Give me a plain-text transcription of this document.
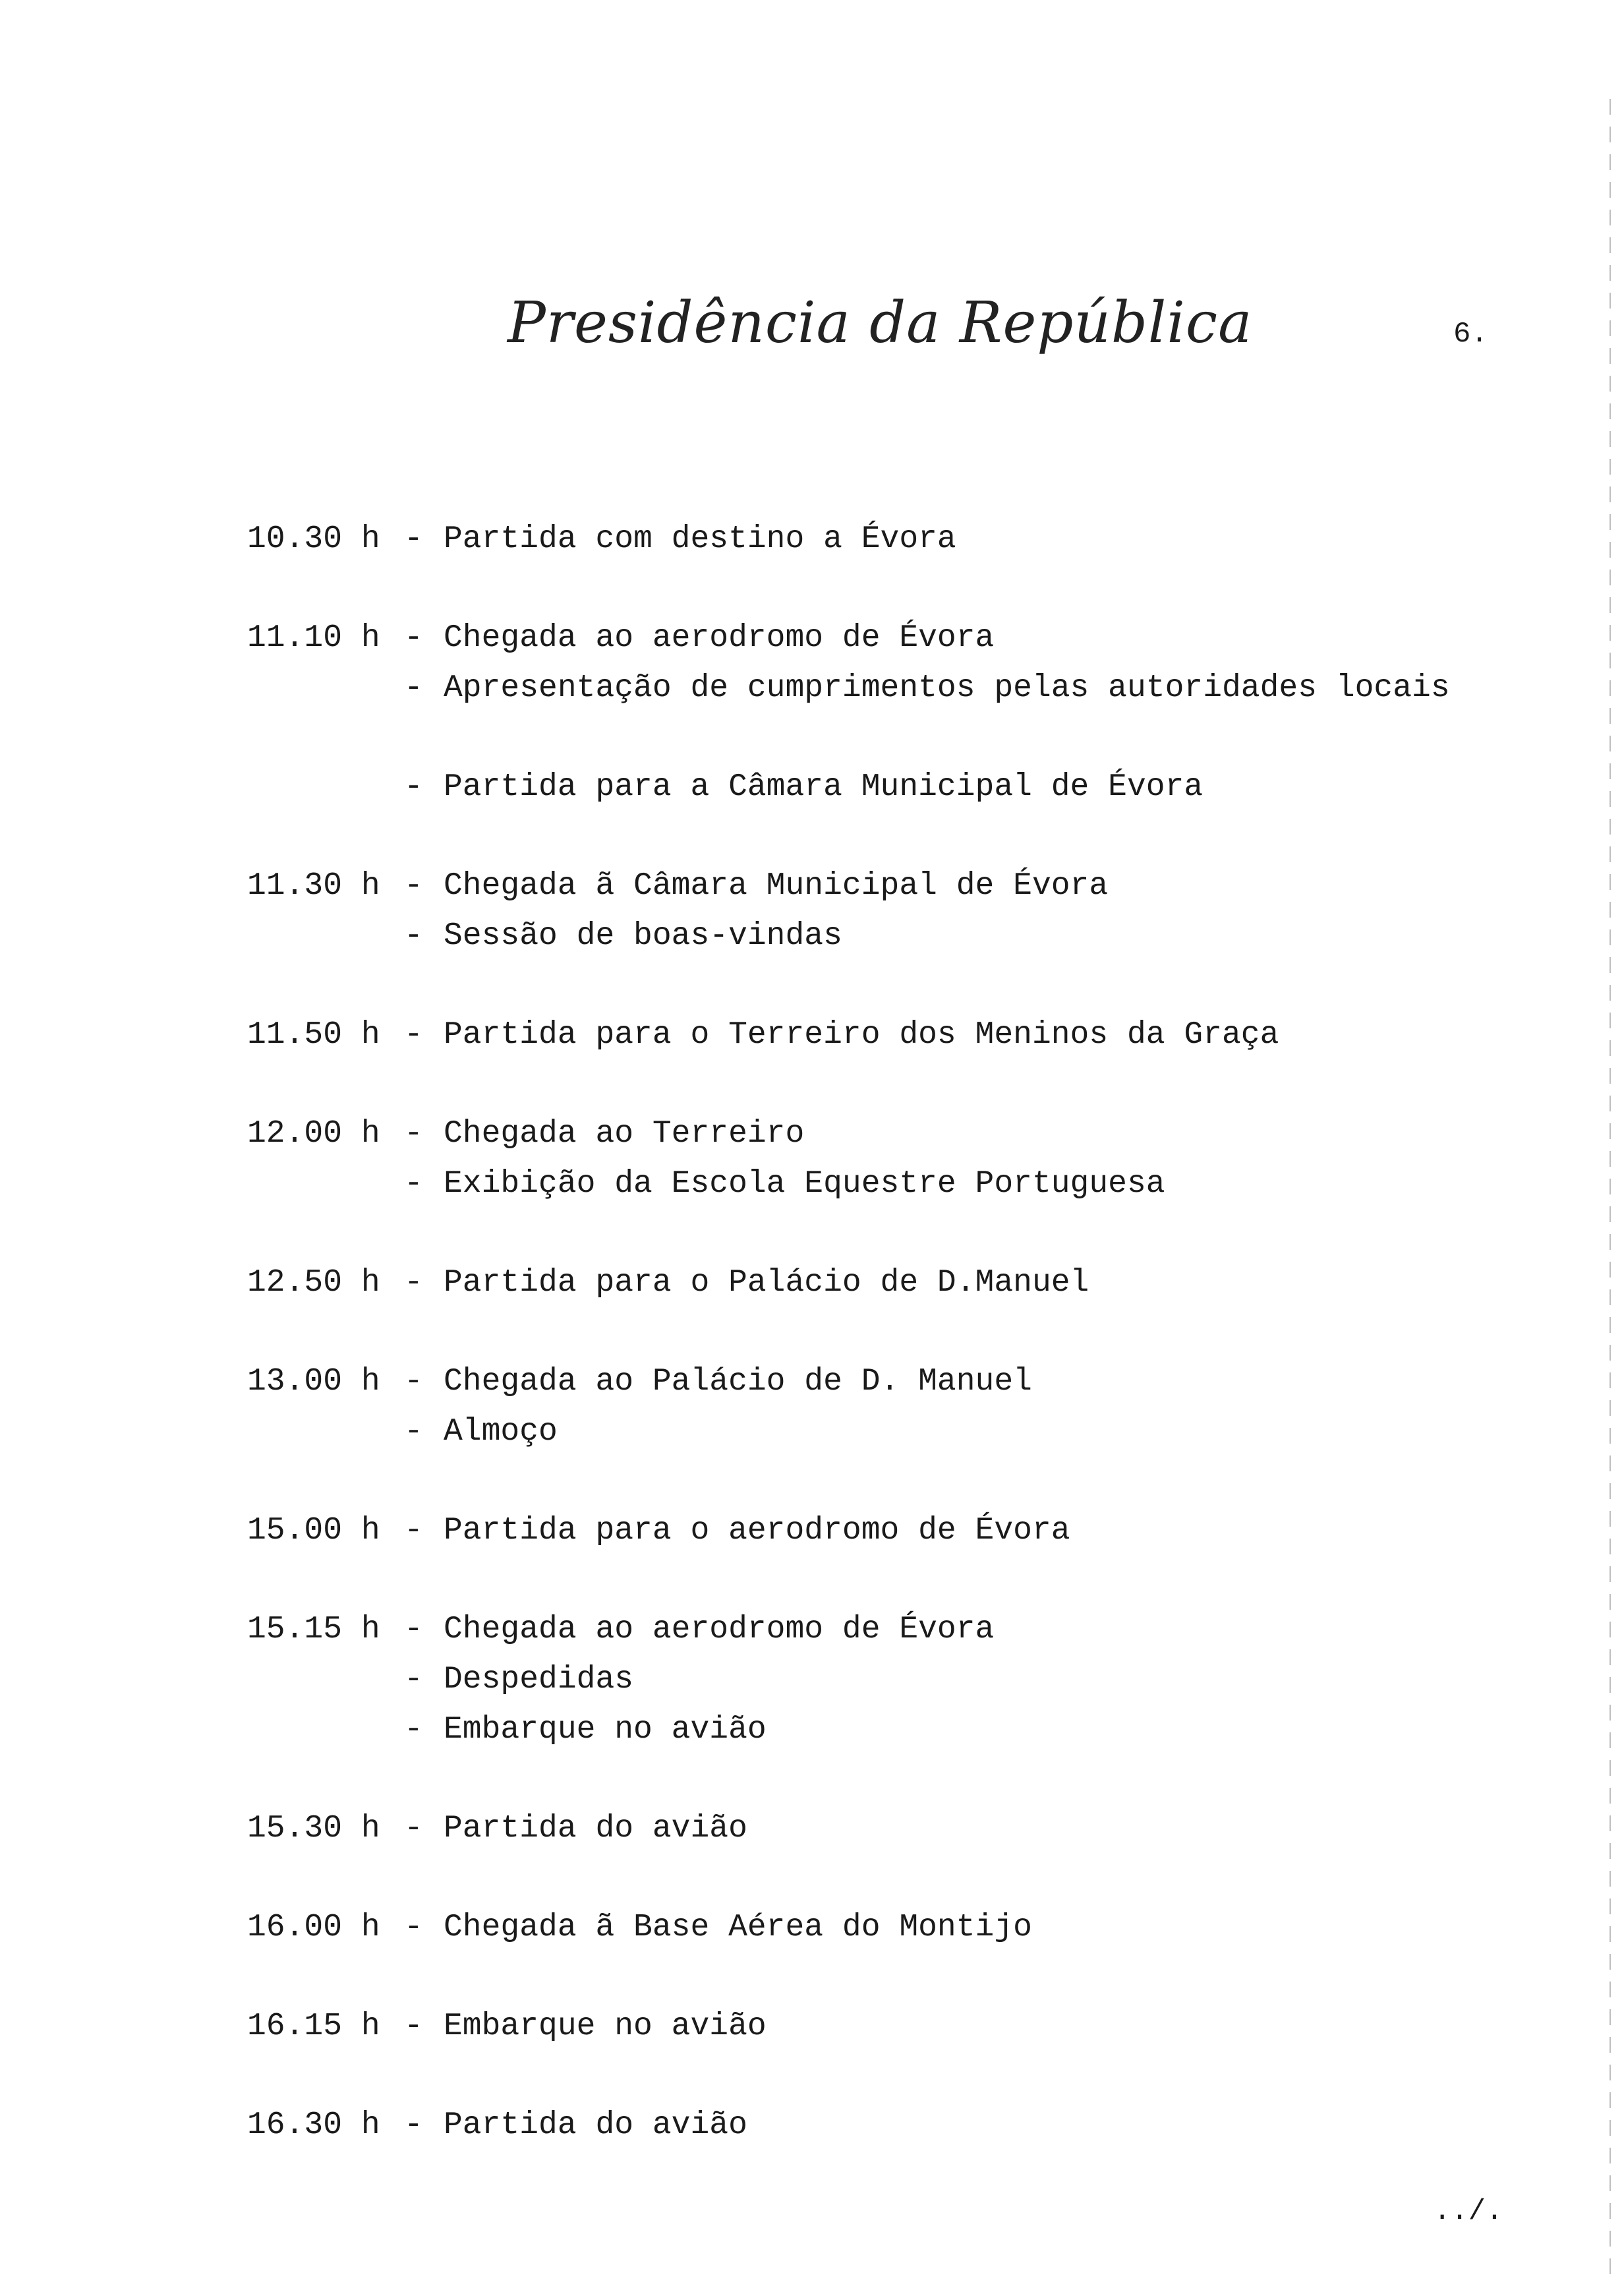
Presidência da República	6.
10.30 h - Partida com destino a Évora
11.10 h - Chegada ao aerodromo de Évora
- Apresentação de cumprimentos pelas autoridades locais
- Partida para a Câmara Municipal de Évora
11.30 h - Chegada ã Câmara Municipal de Évora
- Sessão de boas-vindas
11.50 h - Partida para o Terreiro dos Meninos da Graça
12.00 h - Chegada ao Terreiro
- Exibição da Escola Equestre Portuguesa
12.50 h - Partida para o Palácio de D.Manuel
13.00 h - Chegada ao Palácio de D. Manuel
- Almoço
15.00 h - Partida para o aerodromo de Évora
15.15 h - Chegada ao aerodromo de Évora
- Despedidas
- Embarque no avião
15.30 h - Partida do avião
16.00 h - Chegada ã Base Aérea do Montijo
16.15 h - Embarque no avião
16.30 h - Partida do avião
../.
